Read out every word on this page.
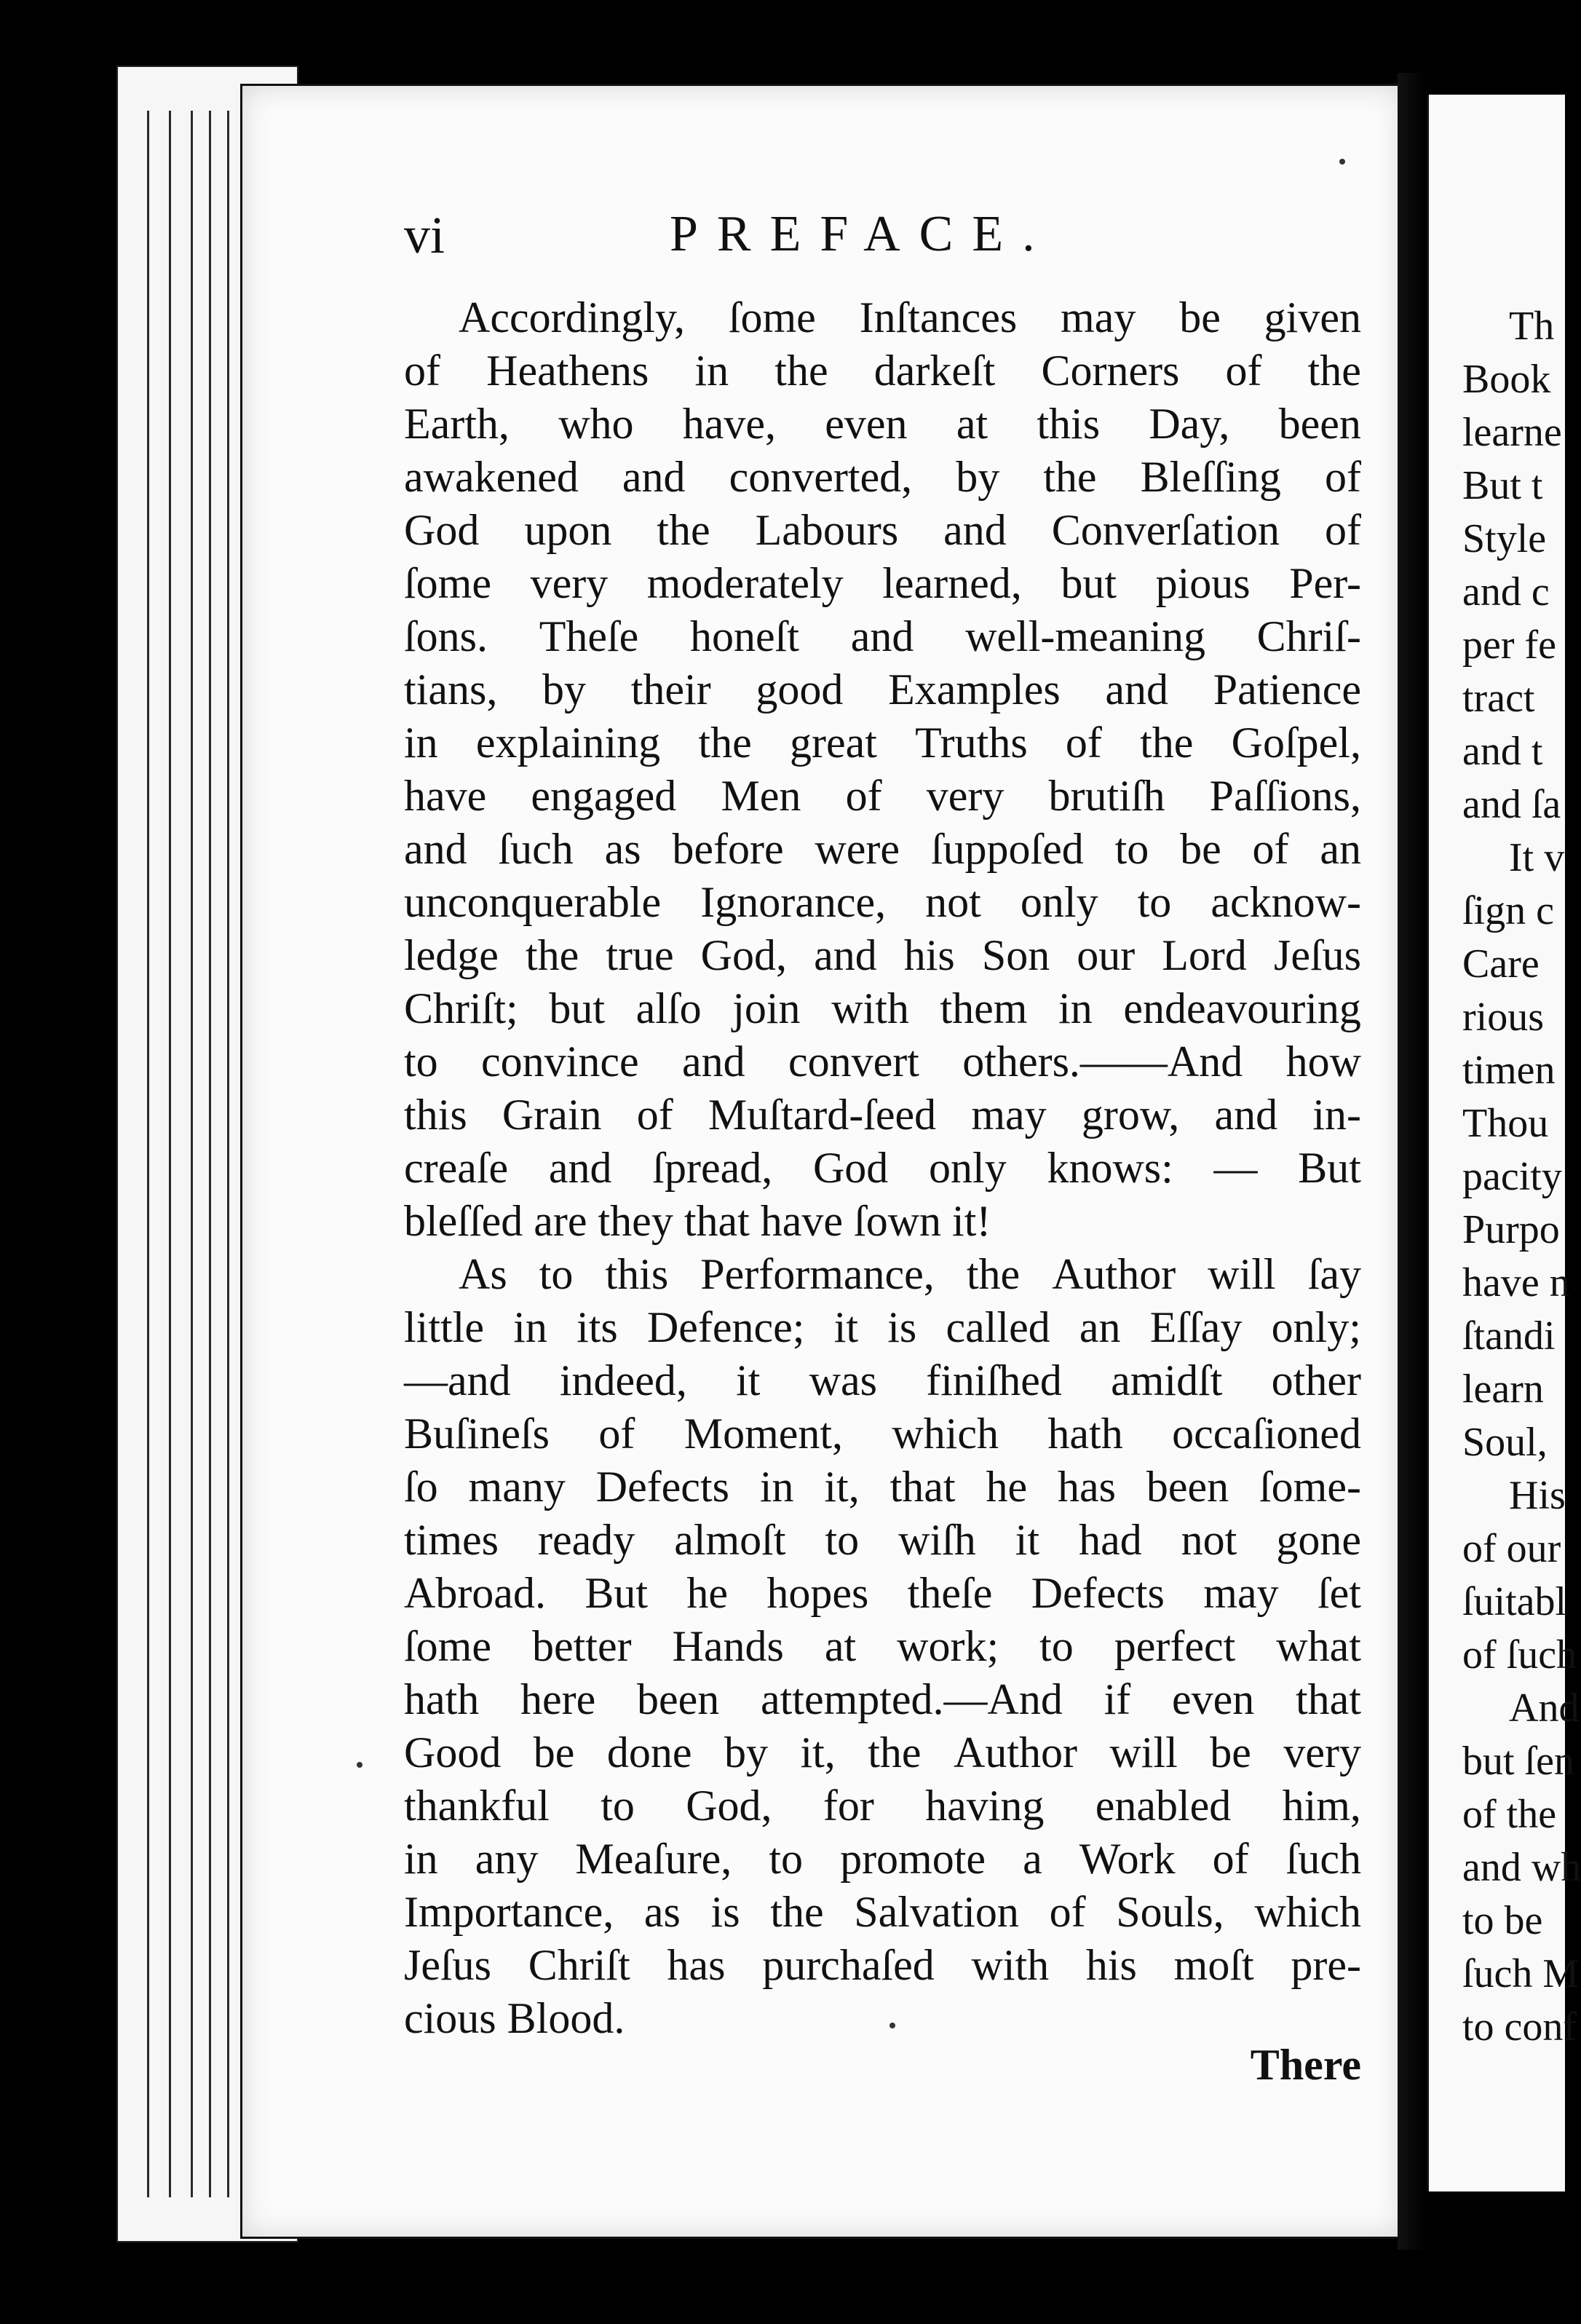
Th
Book
learne
But t
Style
and c
per fe
tract
and t
and ſa
It v
ſign c
Care
rious
timen
Thou
pacity
Purpo
have n
ſtandi
learn
Soul,
His
of our
ſuitabl
of ſuch
And
but ſen
of the
and wh
to be
ſuch M
to conf
vi	PREFACE.
Accordingly, ſome Inſtances may be given
of Heathens in the darkeſt Corners of the
Earth, who have, even at this Day, been
awakened and converted, by the Bleſſing of
God upon the Labours and Converſation of
ſome very moderately learned, but pious Per-
ſons. Theſe honeſt and well-meaning Chriſ-
tians, by their good Examples and Patience
in explaining the great Truths of the Goſpel,
have engaged Men of very brutiſh Paſſions,
and ſuch as before were ſuppoſed to be of an
unconquerable Ignorance, not only to acknow-
ledge the true God, and his Son our Lord Jeſus
Chriſt; but alſo join with them in endeavouring
to convince and convert others.——And how
this Grain of Muſtard-ſeed may grow, and in-
creaſe and ſpread, God only knows: — But
bleſſed are they that have ſown it!
As to this Performance, the Author will ſay
little in its Defence; it is called an Eſſay only;
—and indeed, it was finiſhed amidſt other
Buſineſs of Moment, which hath occaſioned
ſo many Defects in it, that he has been ſome-
times ready almoſt to wiſh it had not gone
Abroad. But he hopes theſe Defects may ſet
ſome better Hands at work; to perfect what
hath here been attempted.—And if even that
Good be done by it, the Author will be very
thankful to God, for having enabled him,
in any Meaſure, to promote a Work of ſuch
Importance, as is the Salvation of Souls, which
Jeſus Chriſt has purchaſed with his moſt pre-
cious Blood.
There
